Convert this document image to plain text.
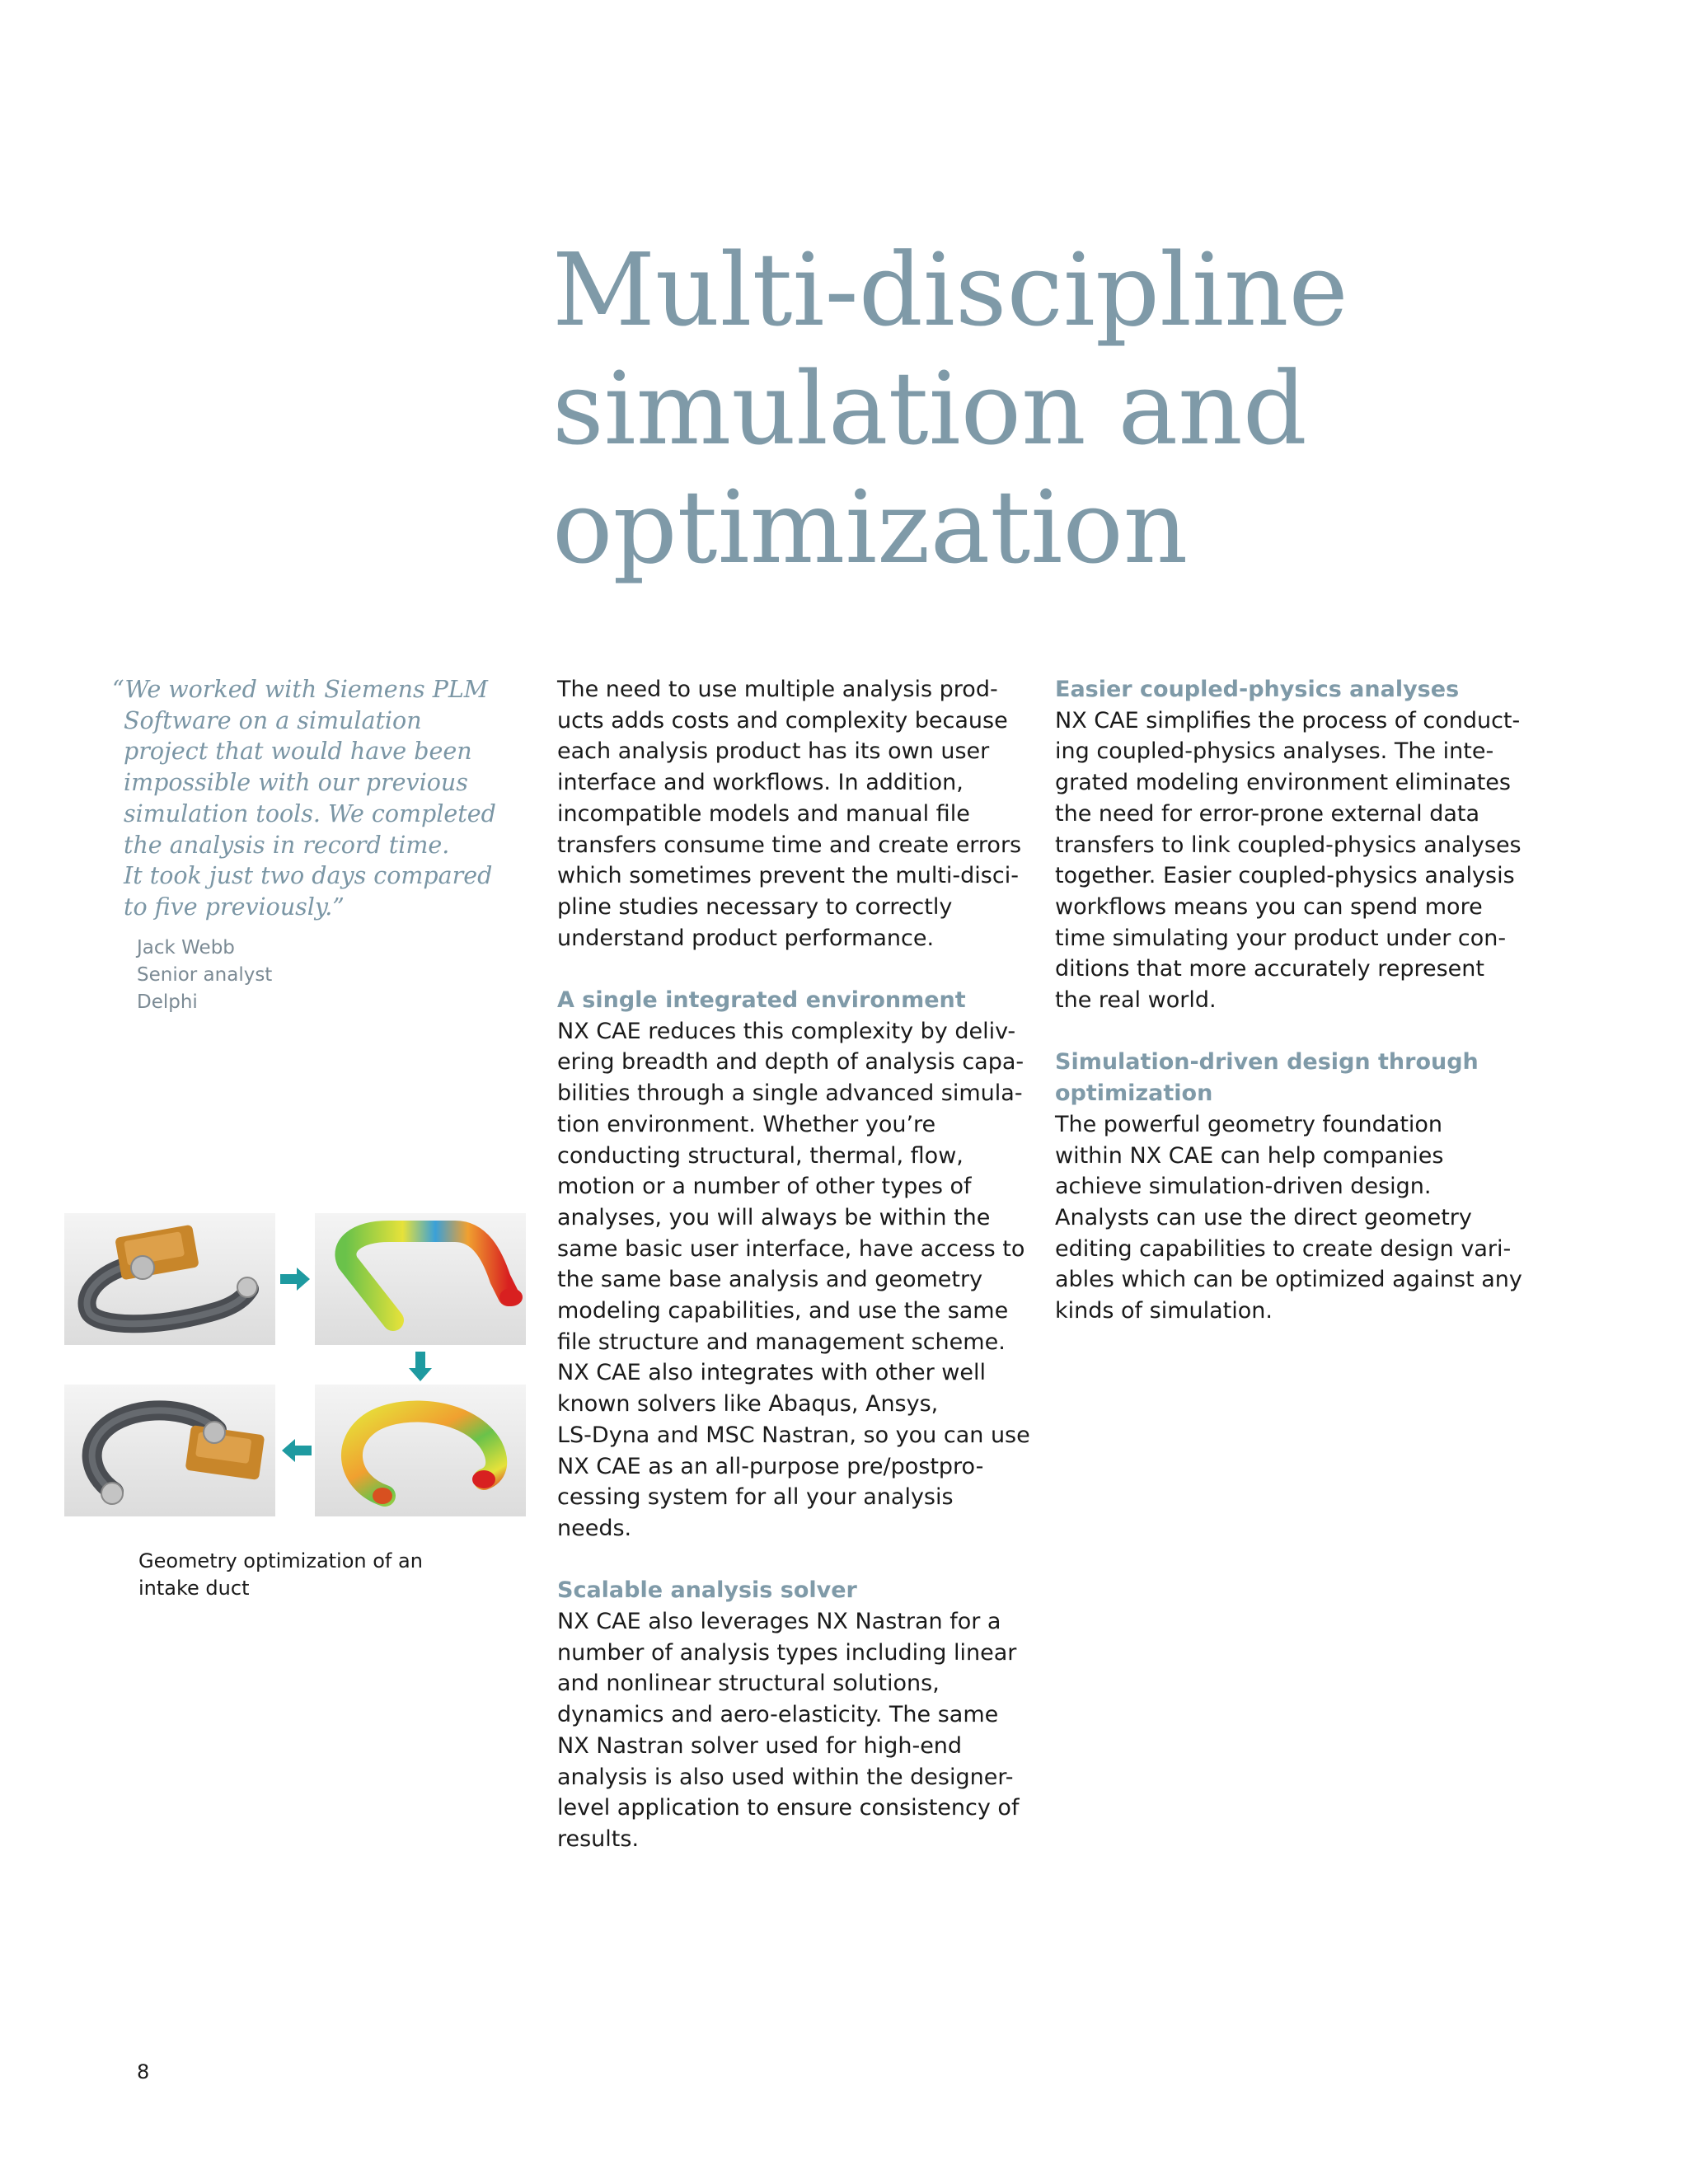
Multi-discipline
simulation and
optimization
“We worked with Siemens PLM
Software on a simulation
project that would have been
impossible with our previous
simulation tools. We completed
the analysis in record time.
It took just two days compared
to five previously.”
Jack Webb
Senior analyst
Delphi
The need to use multiple analysis prod-
ucts adds costs and complexity because
each analysis product has its own user
interface and workflows. In addition,
incompatible models and manual file
transfers consume time and create errors
which sometimes prevent the multi-disci-
pline studies necessary to correctly
understand product performance.
A single integrated environment
NX CAE reduces this complexity by deliv-
ering breadth and depth of analysis capa-
bilities through a single advanced simula-
tion environment. Whether you’re
conducting structural, thermal, flow,
motion or a number of other types of
analyses, you will always be within the
same basic user interface, have access to
the same base analysis and geometry
modeling capabilities, and use the same
file structure and management scheme.
NX CAE also integrates with other well
known solvers like Abaqus, Ansys,
LS-Dyna and MSC Nastran, so you can use
NX CAE as an all-purpose pre/postpro-
cessing system for all your analysis
needs.
Scalable analysis solver
NX CAE also leverages NX Nastran for a
number of analysis types including linear
and nonlinear structural solutions,
dynamics and aero-elasticity. The same
NX Nastran solver used for high-end
analysis is also used within the designer-
level application to ensure consistency of
results.
Easier coupled-physics analyses
NX CAE simplifies the process of conduct-
ing coupled-physics analyses. The inte-
grated modeling environment eliminates
the need for error-prone external data
transfers to link coupled-physics analyses
together. Easier coupled-physics analysis
workflows means you can spend more
time simulating your product under con-
ditions that more accurately represent
the real world.
Simulation-driven design through
optimization
The powerful geometry foundation
within NX CAE can help companies
achieve simulation-driven design.
Analysts can use the direct geometry
editing capabilities to create design vari-
ables which can be optimized against any
kinds of simulation.
Geometry optimization of an
intake duct
8
